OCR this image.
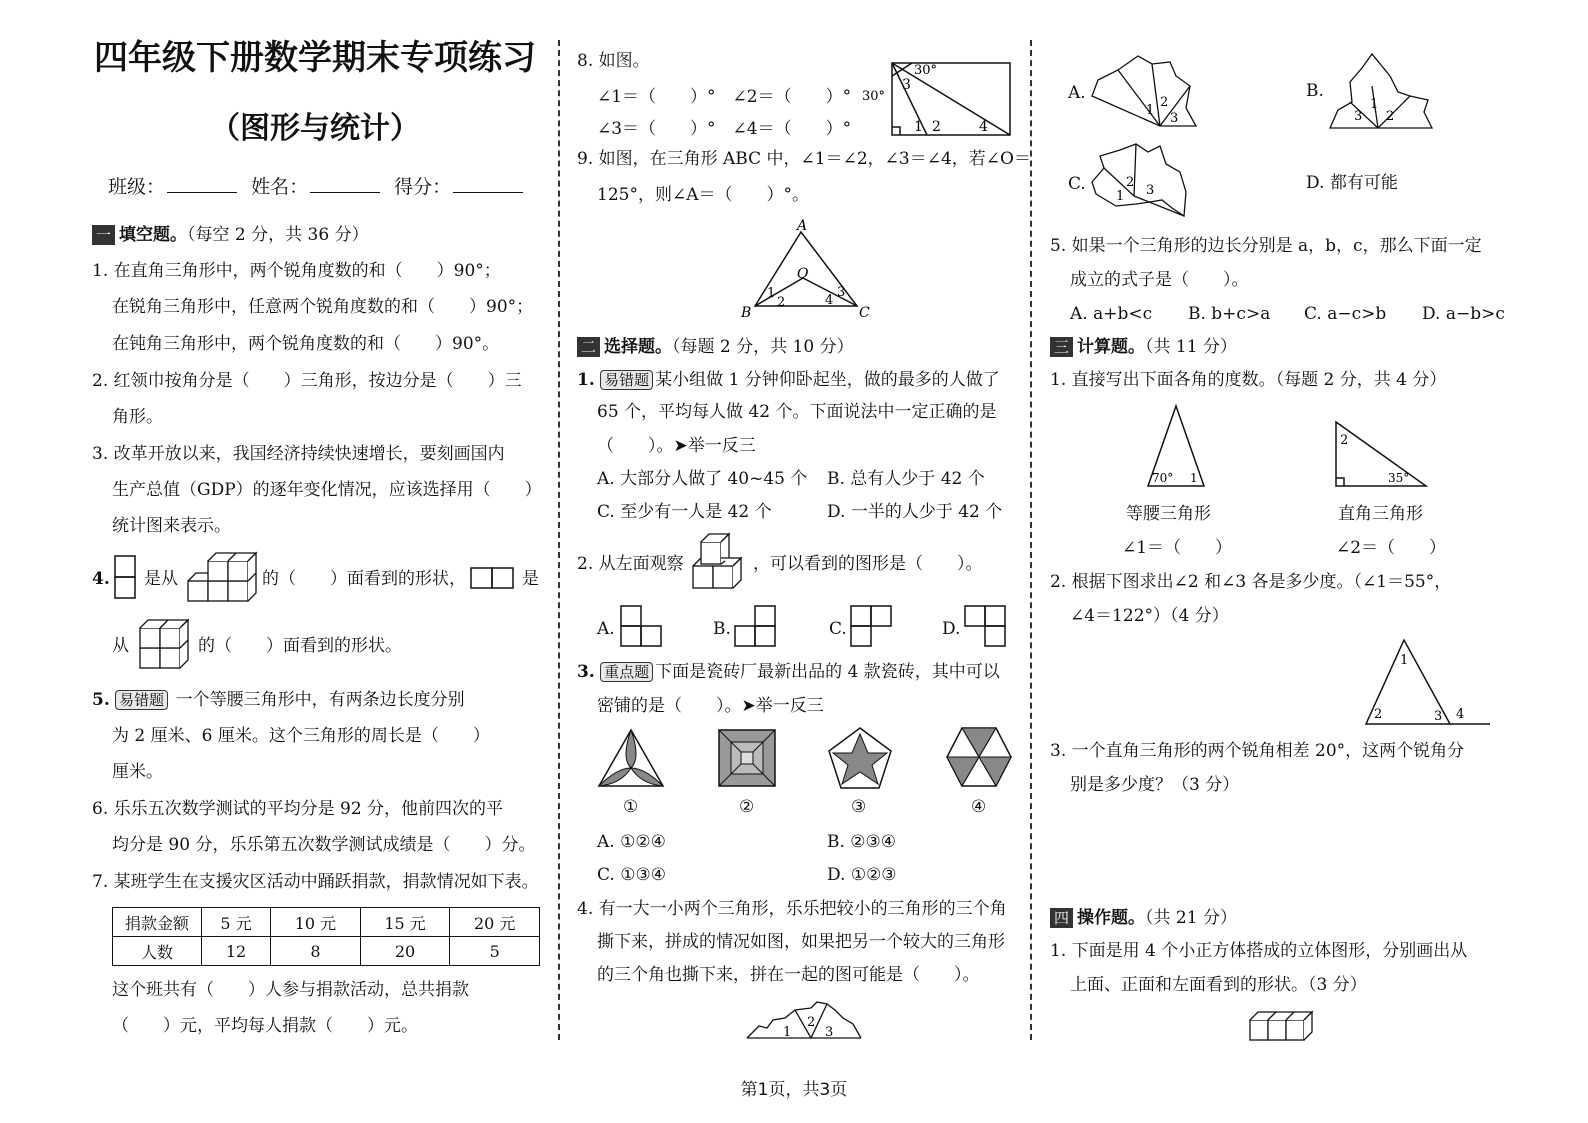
四年级下册数学期末专项练习
（图形与统计）
班级：	姓名：	得分：
一 填空题。（每空 2 分，共 36 分）
1. 在直角三角形中，两个锐角度数的和（　　）90°；
在锐角三角形中，任意两个锐角度数的和（　　）90°；
在钝角三角形中，两个锐角度数的和（　　）90°。
2. 红领巾按角分是（　　）三角形，按边分是（　　）三
角形。
3. 改革开放以来，我国经济持续快速增长，要刻画国内
生产总值（GDP）的逐年变化情况，应该选择用（　　）
统计图来表示。
4. 是从	的（　　）面看到的形状，	是
从	的（　　）面看到的形状。
5. 易错题 一个等腰三角形中，有两条边长度分别
为 2 厘米、6 厘米。这个三角形的周长是（　　）
厘米。
6. 乐乐五次数学测试的平均分是 92 分，他前四次的平
均分是 90 分，乐乐第五次数学测试成绩是（　　）分。
7. 某班学生在支援灾区活动中踊跃捐款，捐款情况如下表。
捐款金额	5 元	10 元	15 元	20 元
人数	12	8	20	5
这个班共有（　　）人参与捐款活动，总共捐款
（　　）元，平均每人捐款（　　）元。
8. 如图。
∠1＝（　　）°　∠2＝（　　）°
∠3＝（　　）°　∠4＝（　　）°
30°
30°
3
1 2	4
9. 如图，在三角形 ABC 中，∠1＝∠2，∠3＝∠4，若∠O＝
125°，则∠A＝（　　）°。
A
B	C
O
1
2	4
3
二 选择题。（每题 2 分，共 10 分）
1. 易错题 某小组做 1 分钟仰卧起坐，做的最多的人做了
65 个，平均每人做 42 个。下面说法中一定正确的是
（　　）。➤举一反三
A. 大部分人做了 40~45 个 B. 总有人少于 42 个
C. 至少有一人是 42 个	D. 一半的人少于 42 个
2. 从左面观察	，可以看到的图形是（　　）。
A.	B.	C.	D.
3. 重点题 下面是瓷砖厂最新出品的 4 款瓷砖，其中可以
密铺的是（　　）。➤举一反三
①	②	③	④
A. ①②④	B. ②③④
C. ①③④	D. ①②③
4. 有一大一小两个三角形，乐乐把较小的三角形的三个角
撕下来，拼成的情况如图，如果把另一个较大的三角形
的三个角也撕下来，拼在一起的图可能是（　　）。
1
2
3
A.
1
2
3
B.
3
1
2
C.	2
1 3	D. 都有可能
5. 如果一个三角形的边长分别是 a，b，c，那么下面一定
成立的式子是（　　）。
A. a+b<c B. b+c>a C. a−c>b D. a−b>c
三 计算题。（共 11 分）
1. 直接写出下面各角的度数。（每题 2 分，共 4 分）
70° 1
等腰三角形
∠1＝（　　）
2
35°
直角三角形
∠2＝（　　）
2. 根据下图求出∠2 和∠3 各是多少度。（∠1＝55°，
∠4＝122°）（4 分）
1
2	3 4
3. 一个直角三角形的两个锐角相差 20°，这两个锐角分
别是多少度？（3 分）
四 操作题。（共 21 分）
1. 下面是用 4 个小正方体搭成的立体图形，分别画出从
上面、正面和左面看到的形状。（3 分）
第1页，共3页
